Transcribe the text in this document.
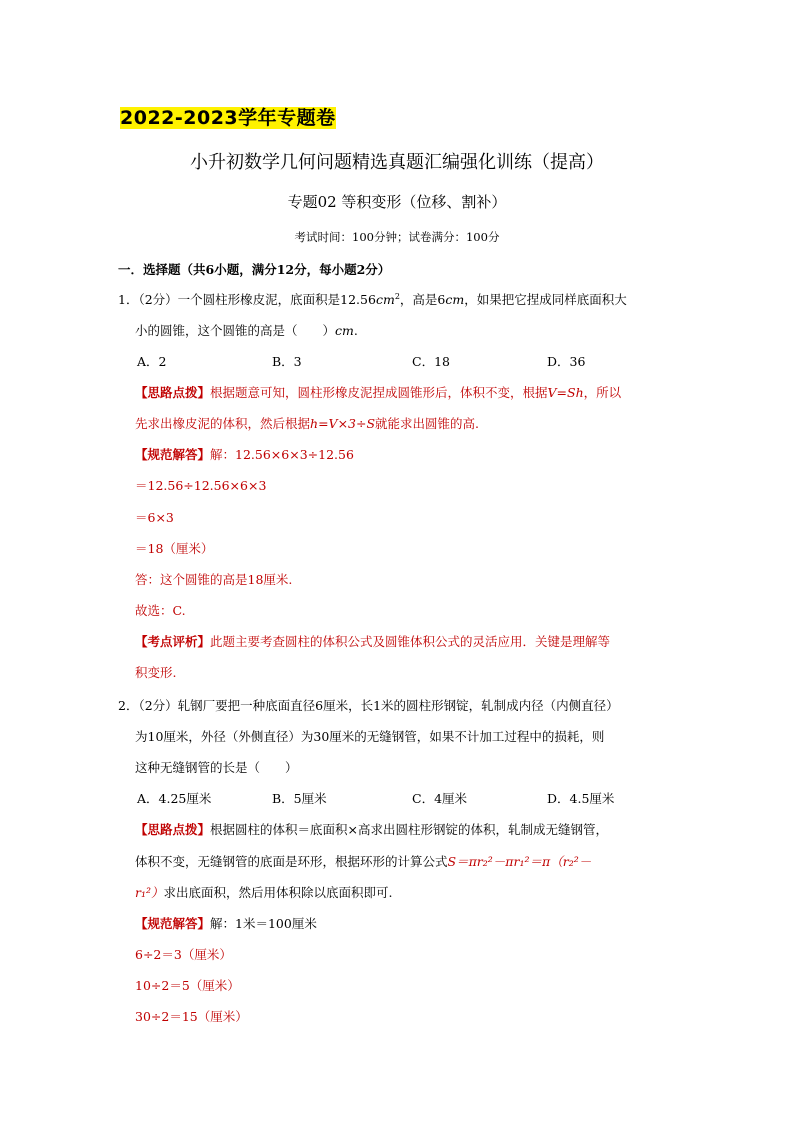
2022-2023学年专题卷
小升初数学几何问题精选真题汇编强化训练（提高）
专题02 等积变形（位移、割补）
考试时间：100分钟；试卷满分：100分
一．选择题（共6小题，满分12分，每小题2分）
1．（2分）一个圆柱形橡皮泥，底面积是$12.56cm^2$，高是6cm，如果把它捏成同样底面积大
小的圆锥，这个圆锥的高是（　　）cm.
A．2	B．3	C．18	D．36
【思路点拨】根据题意可知，圆柱形橡皮泥捏成圆锥形后，体积不变，根据V=Sh，所以
先求出橡皮泥的体积，然后根据h=V×3÷S就能求出圆锥的高.
【规范解答】解：12.56×6×3÷12.56
＝12.56÷12.56×6×3
＝6×3
＝18（厘米）
答：这个圆锥的高是18厘米.
故选：C.
【考点评析】此题主要考查圆柱的体积公式及圆锥体积公式的灵活应用．关键是理解等
积变形.
2．（2分）轧钢厂要把一种底面直径6厘米，长1米的圆柱形钢锭，轧制成内径（内侧直径）
为10厘米，外径（外侧直径）为30厘米的无缝钢管，如果不计加工过程中的损耗，则
这种无缝钢管的长是（　　）
A．4.25厘米	B．5厘米	C．4厘米	D．4.5厘米
【思路点拨】根据圆柱的体积＝底面积×高求出圆柱形钢锭的体积，轧制成无缝钢管，
体积不变，无缝钢管的底面是环形，根据环形的计算公式S＝πr₂²－πr₁²＝π（r₂²－
r₁²）求出底面积，然后用体积除以底面积即可.
【规范解答】解：1米＝100厘米
6÷2＝3（厘米）
10÷2＝5（厘米）
30÷2＝15（厘米）
